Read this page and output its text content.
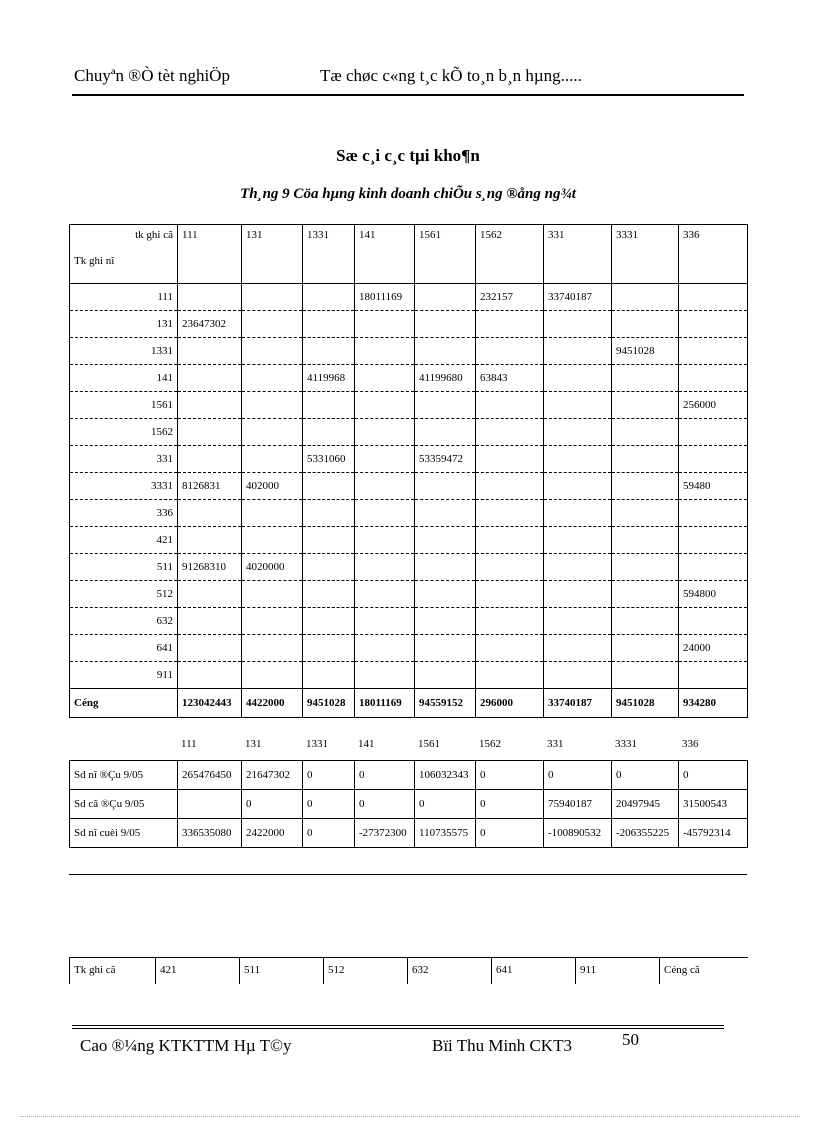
Chuyªn ®Ò tèt nghiÖp	Tæ chøc c«ng t¸c kÕ to¸n b¸n hµng.....
Sæ c¸i c¸c tµi kho¶n
Th¸ng 9 Cöa hµng kinh doanh chiÕu s¸ng ®ång ng¾t
tk ghi cã
Tk ghi nî	111	131	1331	141	1561	1562	331	3331	336
111				18011169		232157	33740187		
131	23647302								
1331								9451028	
141			4119968		41199680	63843			
1561									256000
1562									
331			5331060		53359472				
3331	8126831	402000							59480
336									
421									
511	91268310	4020000							
512									594800
632									
641									24000
911									
Céng	123042443	4422000	9451028	18011169	94559152	296000	33740187	9451028	934280
	111	131	1331	141	1561	1562	331	3331	336
Sd nî ®Çu 9/05	265476450	21647302	0	0	106032343	0	0	0	0
Sd cã ®Çu 9/05		0	0	0	0	0	75940187	20497945	31500543
Sd nî cuèi 9/05	336535080	2422000	0	-27372300	110735575	0	-100890532	-206355225	-45792314
Tk ghi cã	421	511	512	632	641	911	Céng cã
Cao ®¼ng KTKTTM Hµ T©y	Bïi Thu Minh CKT3	50
